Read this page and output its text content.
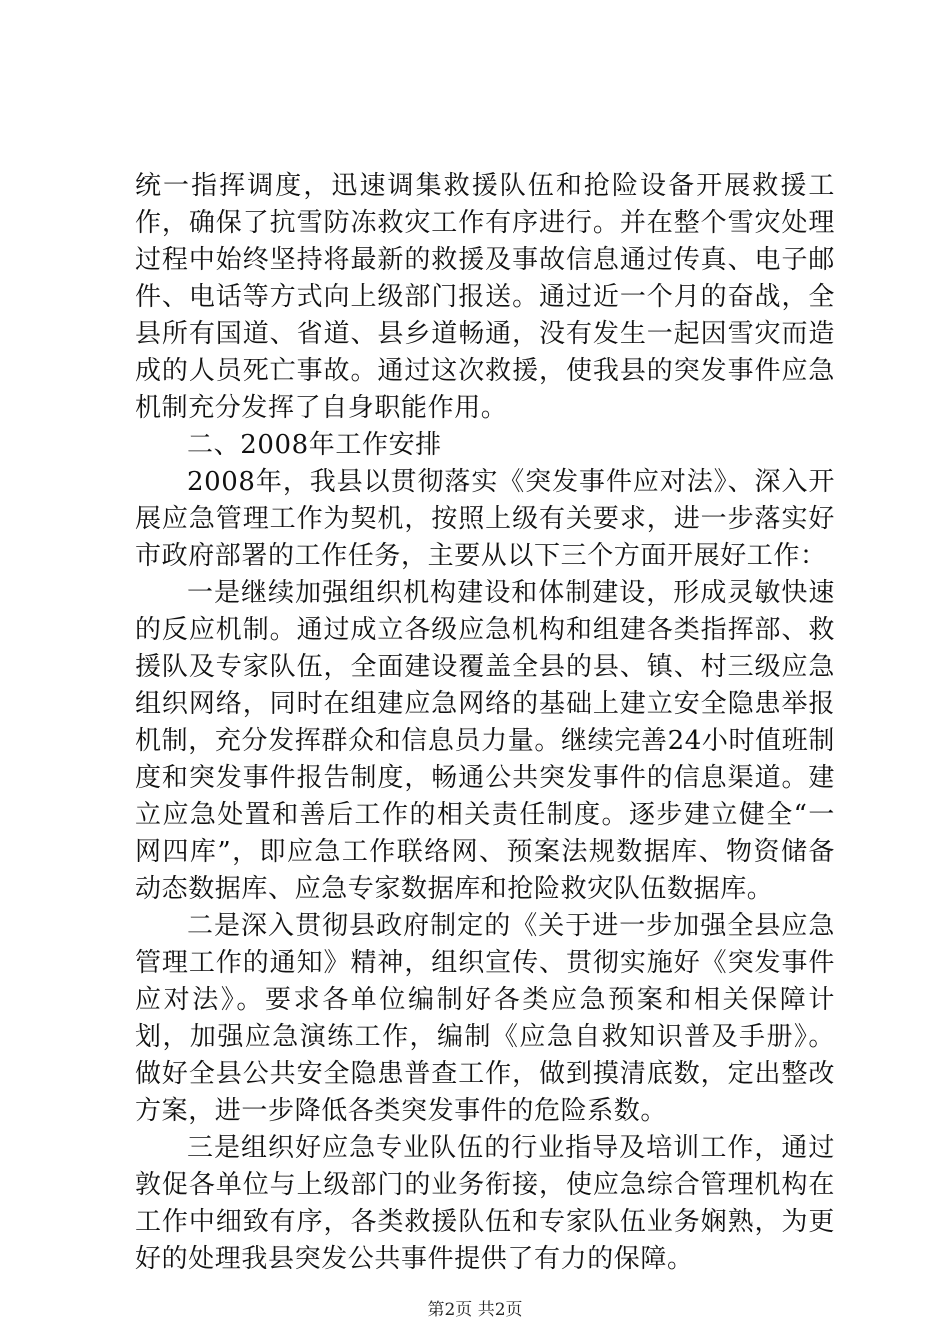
统一指挥调度，迅速调集救援队伍和抢险设备开展救援工作，确保了抗雪防冻救灾工作有序进行。并在整个雪灾处理过程中始终坚持将最新的救援及事故信息通过传真、电子邮件、电话等方式向上级部门报送。通过近一个月的奋战，全县所有国道、省道、县乡道畅通，没有发生一起因雪灾而造成的人员死亡事故。通过这次救援，使我县的突发事件应急机制充分发挥了自身职能作用。

二、2008年工作安排

2008年，我县以贯彻落实《突发事件应对法》、深入开展应急管理工作为契机，按照上级有关要求，进一步落实好市政府部署的工作任务，主要从以下三个方面开展好工作：

一是继续加强组织机构建设和体制建设，形成灵敏快速的反应机制。通过成立各级应急机构和组建各类指挥部、救援队及专家队伍，全面建设覆盖全县的县、镇、村三级应急组织网络，同时在组建应急网络的基础上建立安全隐患举报机制，充分发挥群众和信息员力量。继续完善24小时值班制度和突发事件报告制度，畅通公共突发事件的信息渠道。建立应急处置和善后工作的相关责任制度。逐步建立健全“一网四库”，即应急工作联络网、预案法规数据库、物资储备动态数据库、应急专家数据库和抢险救灾队伍数据库。

二是深入贯彻县政府制定的《关于进一步加强全县应急管理工作的通知》精神，组织宣传、贯彻实施好《突发事件应对法》。要求各单位编制好各类应急预案和相关保障计划，加强应急演练工作，编制《应急自救知识普及手册》。做好全县公共安全隐患普查工作，做到摸清底数，定出整改方案，进一步降低各类突发事件的危险系数。

三是组织好应急专业队伍的行业指导及培训工作，通过敦促各单位与上级部门的业务衔接，使应急综合管理机构在工作中细致有序，各类救援队伍和专家队伍业务娴熟，为更好的处理我县突发公共事件提供了有力的保障。

第2页 共2页
